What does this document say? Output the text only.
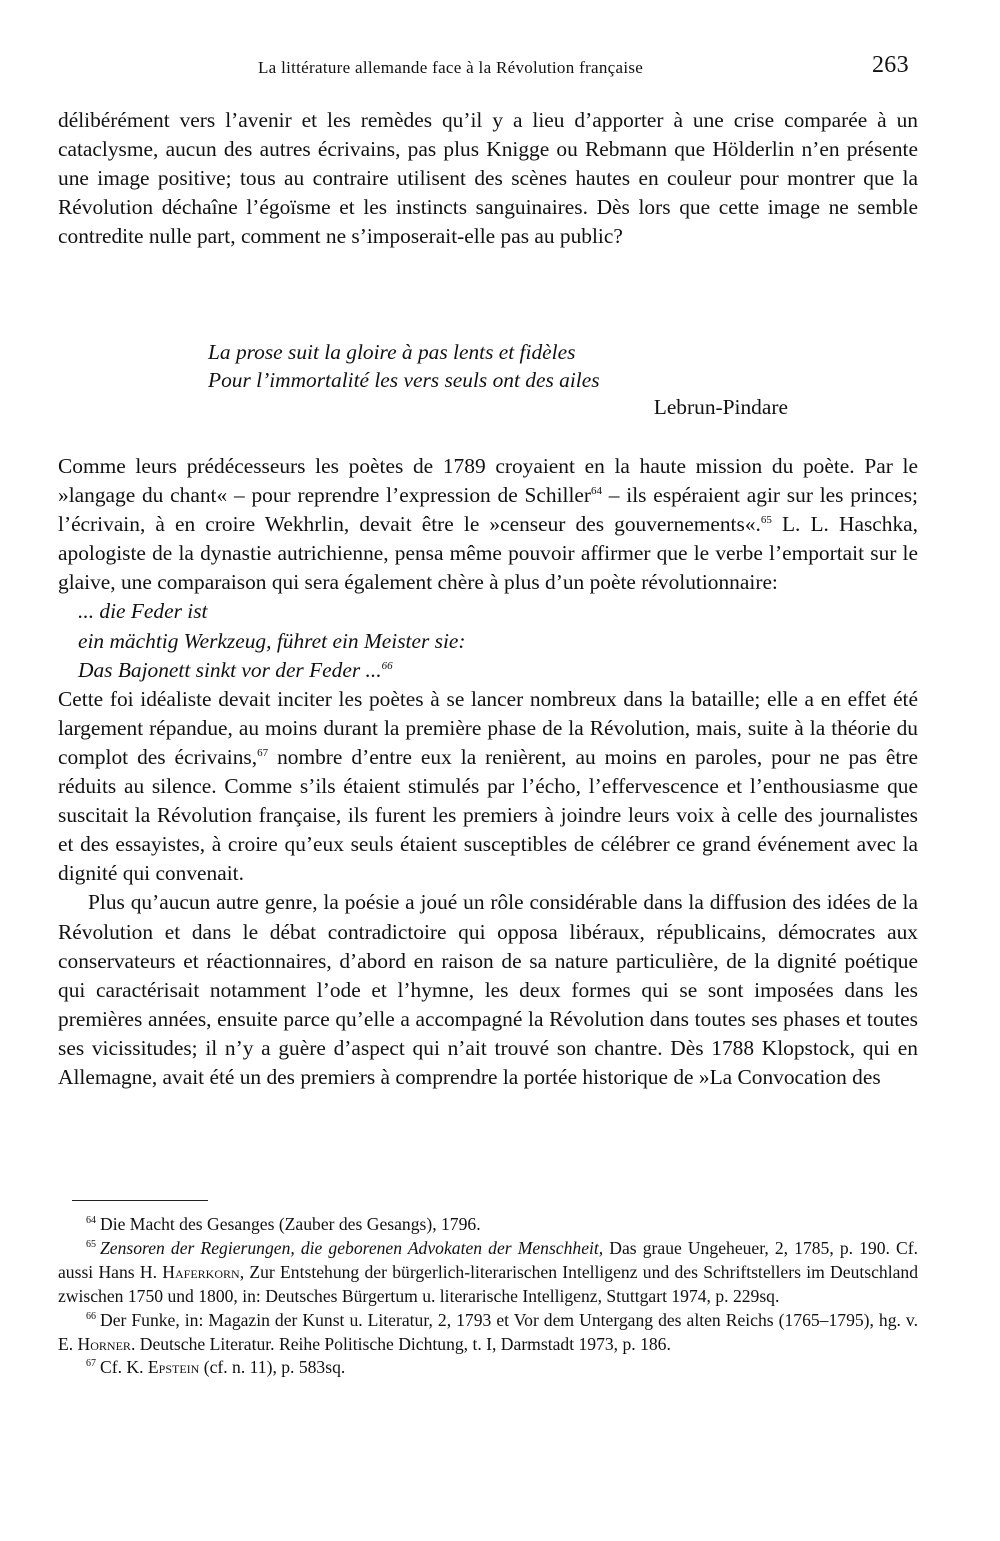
La littérature allemande face à la Révolution française	263

délibérément vers l’avenir et les remèdes qu’il y a lieu d’apporter à une crise comparée à un cataclysme, aucun des autres écrivains, pas plus Knigge ou Rebmann que Hölderlin n’en présente une image positive; tous au contraire utilisent des scènes hautes en couleur pour montrer que la Révolution déchaîne l’égoïsme et les instincts sanguinaires. Dès lors que cette image ne semble contredite nulle part, comment ne s’imposerait-elle pas au public?

La prose suit la gloire à pas lents et fidèles
Pour l’immortalité les vers seuls ont des ailes
Lebrun-Pindare

Comme leurs prédécesseurs les poètes de 1789 croyaient en la haute mission du poète. Par le »langage du chant« – pour reprendre l’expression de Schiller$^{64}$ – ils espéraient agir sur les princes; l’écrivain, à en croire Wekhrlin, devait être le »censeur des gouvernements«.$^{65}$ L. L. Haschka, apologiste de la dynastie autrichienne, pensa même pouvoir affirmer que le verbe l’emportait sur le glaive, une comparaison qui sera également chère à plus d’un poète révolutionnaire:

... die Feder ist
ein mächtig Werkzeug, führet ein Meister sie:
Das Bajonett sinkt vor der Feder ...$^{66}$

Cette foi idéaliste devait inciter les poètes à se lancer nombreux dans la bataille; elle a en effet été largement répandue, au moins durant la première phase de la Révolution, mais, suite à la théorie du complot des écrivains,$^{67}$ nombre d’entre eux la renièrent, au moins en paroles, pour ne pas être réduits au silence. Comme s’ils étaient stimulés par l’écho, l’effervescence et l’enthousiasme que suscitait la Révolution française, ils furent les premiers à joindre leurs voix à celle des journalistes et des essayistes, à croire qu’eux seuls étaient susceptibles de célébrer ce grand événement avec la dignité qui convenait.

Plus qu’aucun autre genre, la poésie a joué un rôle considérable dans la diffusion des idées de la Révolution et dans le débat contradictoire qui opposa libéraux, républicains, démocrates aux conservateurs et réactionnaires, d’abord en raison de sa nature particulière, de la dignité poétique qui caractérisait notamment l’ode et l’hymne, les deux formes qui se sont imposées dans les premières années, ensuite parce qu’elle a accompagné la Révolution dans toutes ses phases et toutes ses vicissitudes; il n’y a guère d’aspect qui n’ait trouvé son chantre. Dès 1788 Klopstock, qui en Allemagne, avait été un des premiers à comprendre la portée historique de »La Convocation des

$^{64}$ Die Macht des Gesanges (Zauber des Gesangs), 1796.

$^{65}$ Zensoren der Regierungen, die geborenen Advokaten der Menschheit, Das graue Ungeheuer, 2, 1785, p. 190. Cf. aussi Hans H. Haferkorn, Zur Entstehung der bürgerlich-literarischen Intelligenz und des Schriftstellers im Deutschland zwischen 1750 und 1800, in: Deutsches Bürgertum u. literarische Intelligenz, Stuttgart 1974, p. 229sq.

$^{66}$ Der Funke, in: Magazin der Kunst u. Literatur, 2, 1793 et Vor dem Untergang des alten Reichs (1765–1795), hg. v. E. Horner. Deutsche Literatur. Reihe Politische Dichtung, t. I, Darmstadt 1973, p. 186.

$^{67}$ Cf. K. Epstein (cf. n. 11), p. 583sq.
